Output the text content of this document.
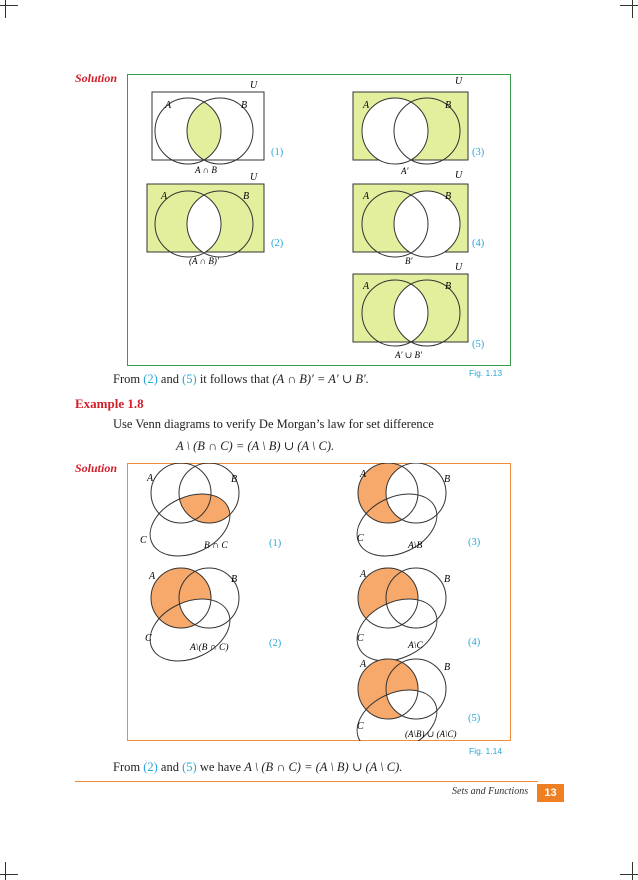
Solution
U
A	B
A ∩ B
(1)
U
A	B
(A ∩ B)′
(2)
U
A	B
A′
(3)
U
A	B
B′
(4)
U
A	B
A′ ∪ B′
(5)
Fig. 1.13
From (2) and (5) it follows that (A ∩ B)′ = A′ ∪ B′.
Example 1.8
Use Venn diagrams to verify De Morgan’s law for set difference
A \ (B ∩ C) = (A \ B) ∪ (A \ C).
Solution
A	B
C	B ∩ C	(1)
A	B
C
A\(B ∩ C)	(2)
A	B
C
A\B	(3)
A	B
C
A\C	(4)
A	B
C
(A\B) ∪ (A\C)
(5)
Fig. 1.14
From (2) and (5) we have A \ (B ∩ C) = (A \ B) ∪ (A \ C).
Sets and Functions	13
